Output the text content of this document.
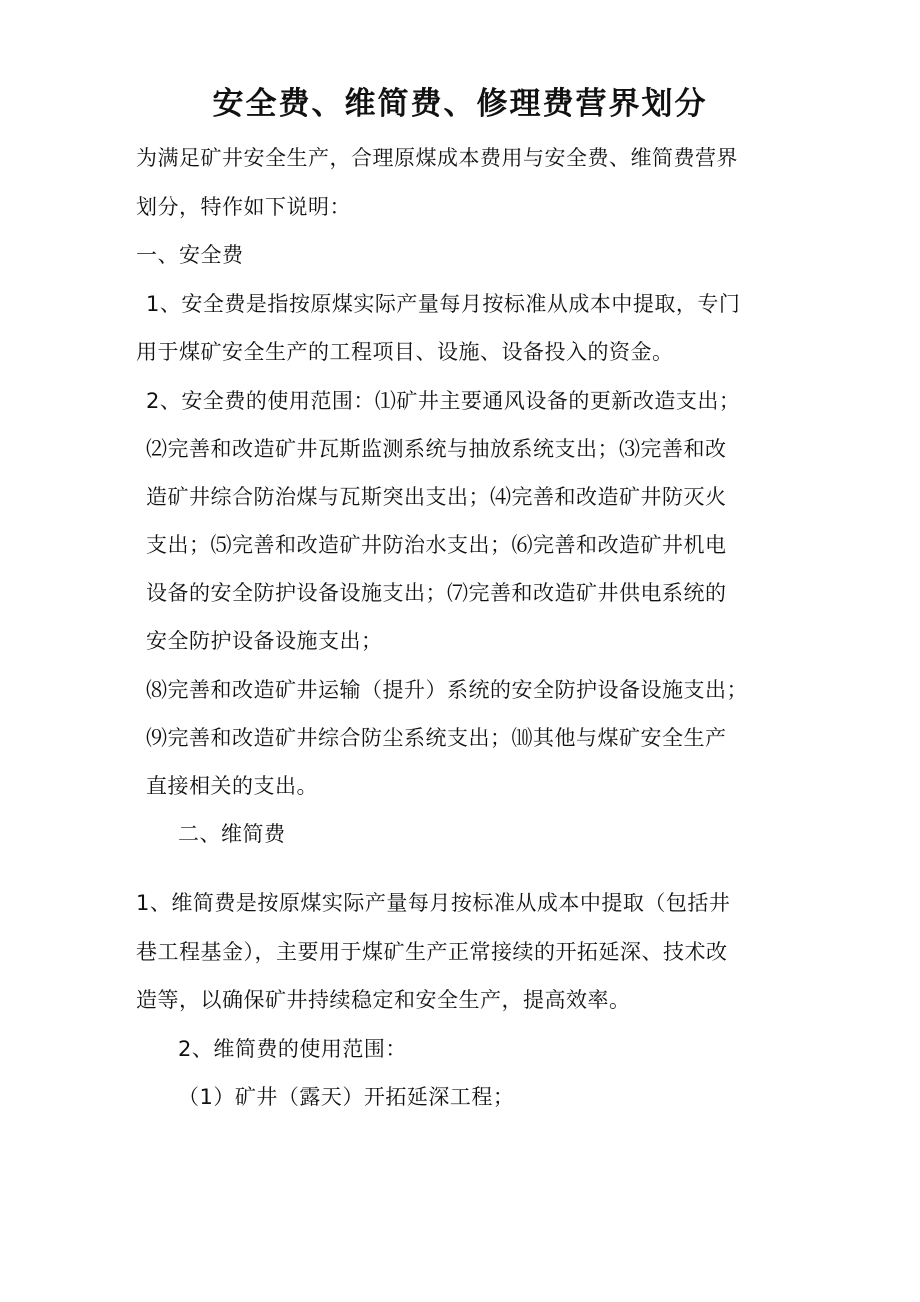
安全费、维简费、修理费营界划分
为满足矿井安全生产，合理原煤成本费用与安全费、维简费营界
划分，特作如下说明：
一、安全费
1、安全费是指按原煤实际产量每月按标准从成本中提取，专门
用于煤矿安全生产的工程项目、设施、设备投入的资金。
2、安全费的使用范围：⑴矿井主要通风设备的更新改造支出；
⑵完善和改造矿井瓦斯监测系统与抽放系统支出；⑶完善和改
造矿井综合防治煤与瓦斯突出支出；⑷完善和改造矿井防灭火
支出；⑸完善和改造矿井防治水支出；⑹完善和改造矿井机电
设备的安全防护设备设施支出；⑺完善和改造矿井供电系统的
安全防护设备设施支出；
⑻完善和改造矿井运输（提升）系统的安全防护设备设施支出；
⑼完善和改造矿井综合防尘系统支出；⑽其他与煤矿安全生产
直接相关的支出。
二、维简费
1、维简费是按原煤实际产量每月按标准从成本中提取（包括井
巷工程基金），主要用于煤矿生产正常接续的开拓延深、技术改
造等，以确保矿井持续稳定和安全生产，提高效率。
2、维简费的使用范围：
（1）矿井（露天）开拓延深工程；
